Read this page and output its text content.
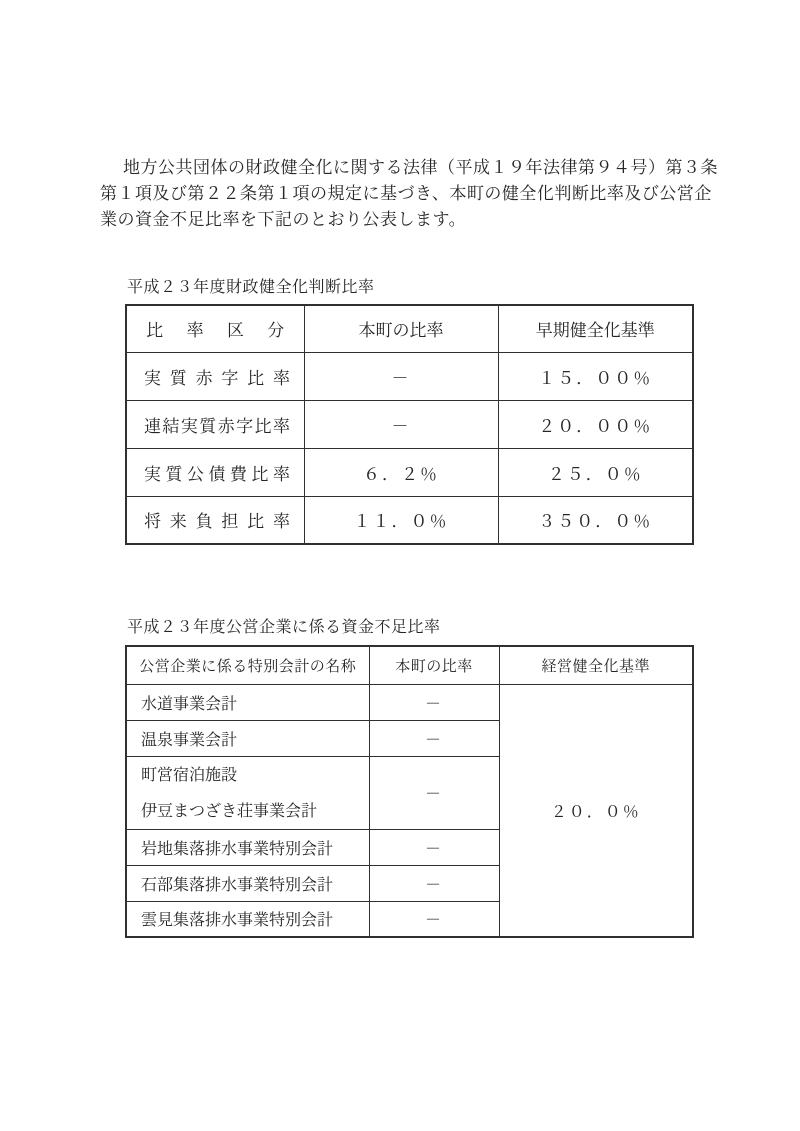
地方公共団体の財政健全化に関する法律（平成１９年法律第９４号）第３条
第１項及び第２２条第１項の規定に基づき、本町の健全化判断比率及び公営企
業の資金不足比率を下記のとおり公表します。
平成２３年度財政健全化判断比率
比率区分	本町の比率	早期健全化基準
実質赤字比率	－	１５．００％
連結実質赤字比率	－	２０．００％
実質公債費比率	６．２％	２５．０％
将来負担比率	１１．０％	３５０．０％
平成２３年度公営企業に係る資金不足比率
公営企業に係る特別会計の名称	本町の比率	経営健全化基準
水道事業会計	－	２０．０％
温泉事業会計	－	

町営宿泊施設
伊豆まつざき荘事業会計	－	
岩地集落排水事業特別会計	－	
石部集落排水事業特別会計	－	
雲見集落排水事業特別会計	－	
